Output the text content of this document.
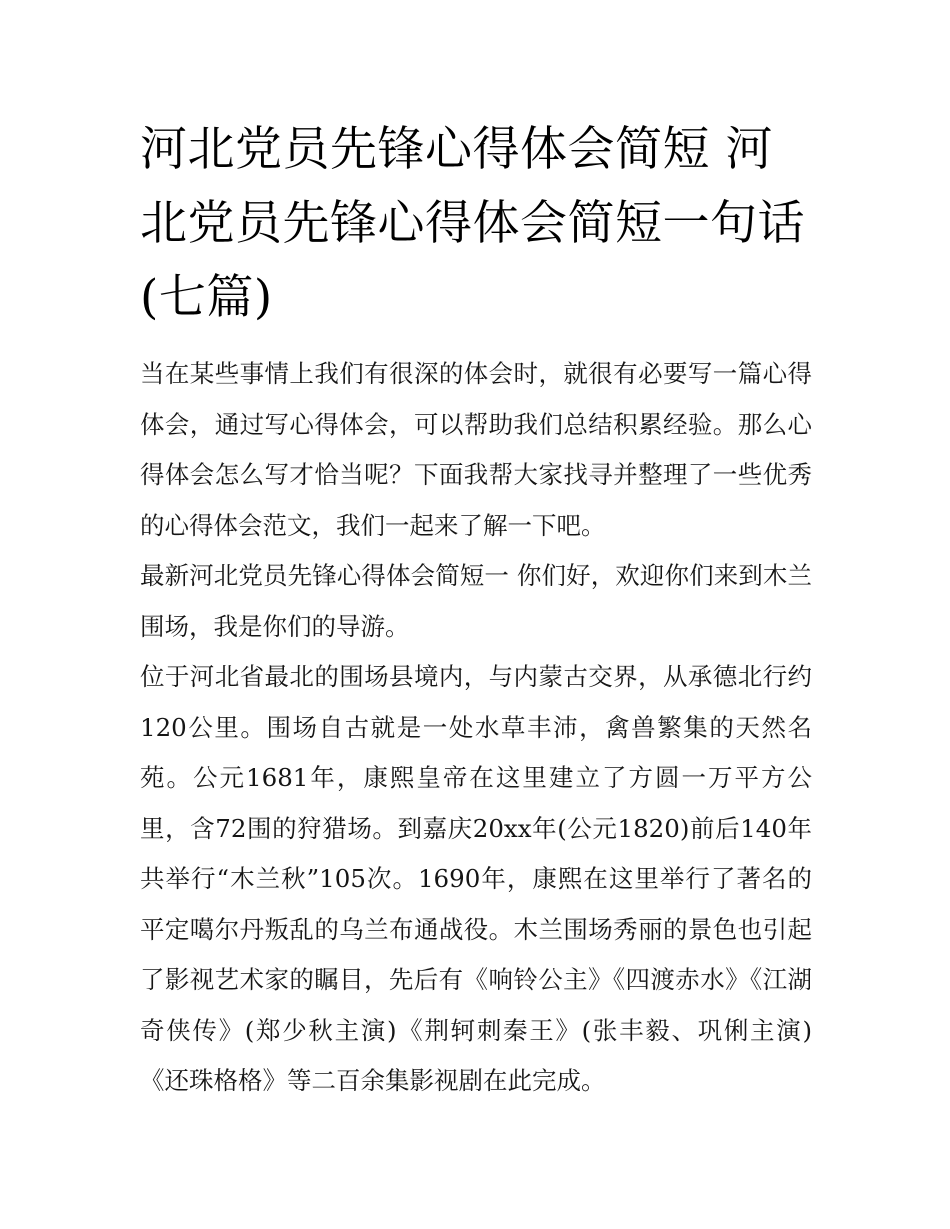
河北党员先锋心得体会简短 河北党员先锋心得体会简短一句话(七篇)

当在某些事情上我们有很深的体会时，就很有必要写一篇心得体会，通过写心得体会，可以帮助我们总结积累经验。那么心得体会怎么写才恰当呢？下面我帮大家找寻并整理了一些优秀的心得体会范文，我们一起来了解一下吧。

最新河北党员先锋心得体会简短一 你们好，欢迎你们来到木兰围场，我是你们的导游。

位于河北省最北的围场县境内，与内蒙古交界，从承德北行约120公里。围场自古就是一处水草丰沛，禽兽繁集的天然名苑。公元1681年，康熙皇帝在这里建立了方圆一万平方公里，含72围的狩猎场。到嘉庆20xx年(公元1820)前后140年共举行“木兰秋”105次。1690年，康熙在这里举行了著名的平定噶尔丹叛乱的乌兰布通战役。木兰围场秀丽的景色也引起了影视艺术家的瞩目，先后有《响铃公主》《四渡赤水》《江湖奇侠传》(郑少秋主演)《荆轲刺秦王》(张丰毅、巩俐主演)《还珠格格》等二百余集影视剧在此完成。
